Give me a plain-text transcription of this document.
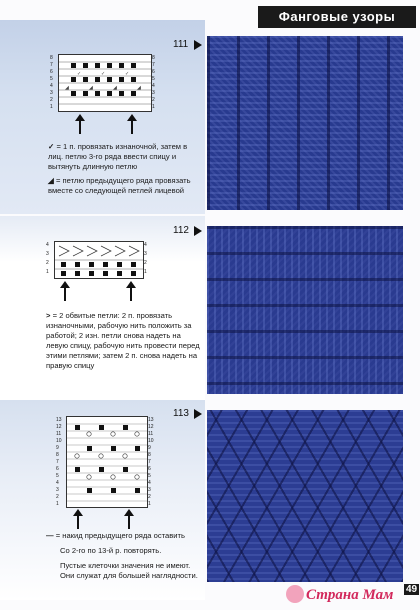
Фанговые узоры
111
✓	✓	✓
◢	◢	◢	◢
✓ = 1 п. провязать изнаночной, затем в лиц. петлю 3-го ряда ввести спицу и вытянуть длинную петлю
◢ = петлю предыдущего ряда провязать вместе со следующей петлей лицевой
112
> = 2 обвитые петли: 2 п. провязать изнаночными, рабочую нить положить за работой; 2 изн. петли снова надеть на левую спицу, рабочую нить провести перед этими петлями; затем 2 п. снова надеть на правую спицу
113
— = накид предыдущего ряда оставить
Со 2-го по 13-й р. повторять.
Пустые клеточки значения не имеют. Они служат для большей наглядности.
Страна Мам 49
8	8
7	7
6	6
5	5
4	4
3	3
2	2
1	1
4	4
3	3
2	2
1	1
13	13
12	12
11	11
10	10
9	9
8	8
7	7
6	6
5	5
4	4
3	3
2	2
1	1
